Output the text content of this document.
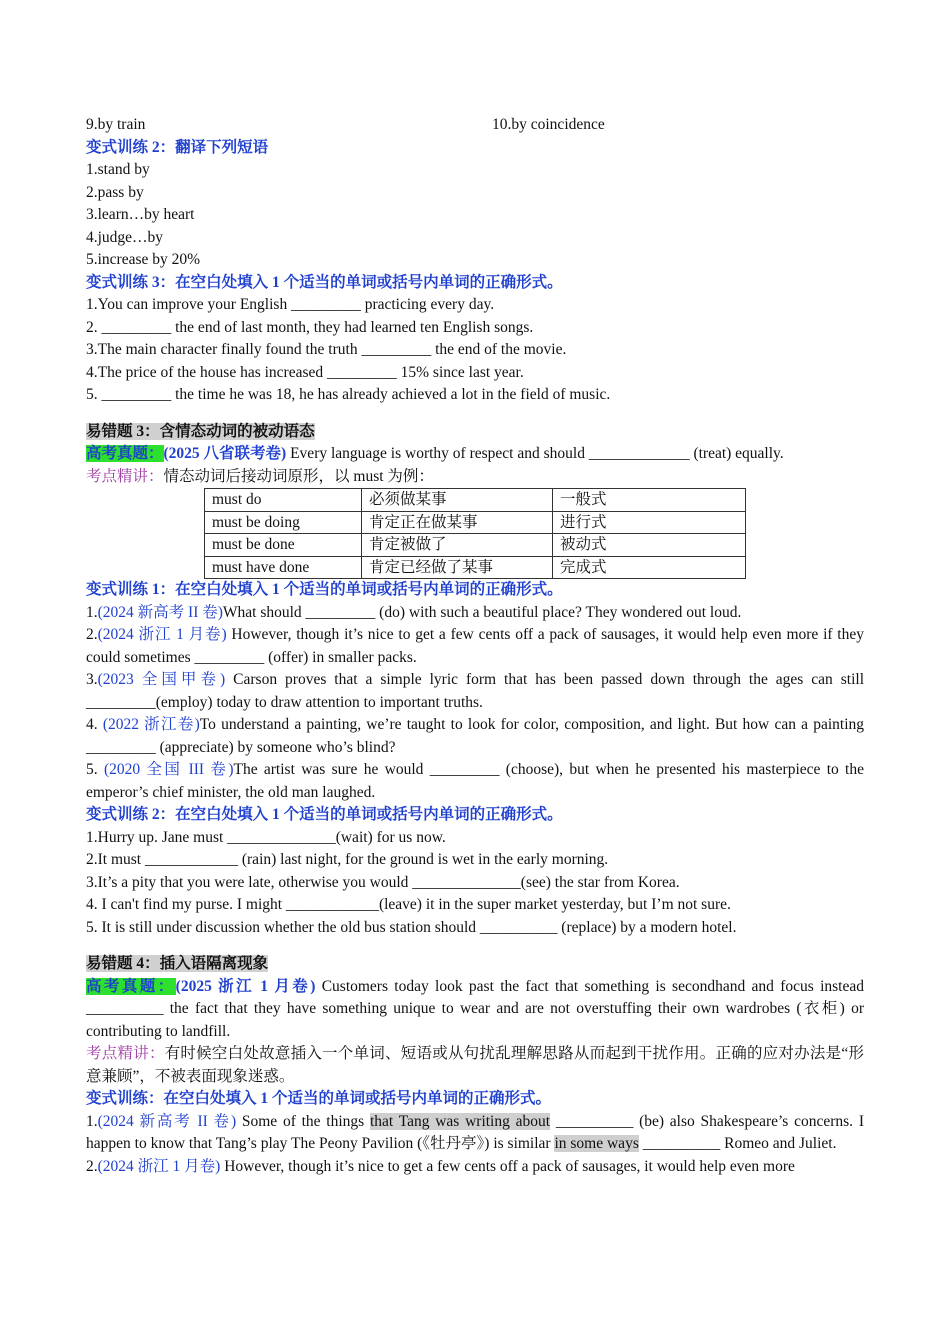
9.by train	10.by coincidence
变式训练 2：翻译下列短语
1.stand by
2.pass by
3.learn…by heart
4.judge…by
5.increase by 20%
变式训练 3：在空白处填入 1 个适当的单词或括号内单词的正确形式。
1.You can improve your English _________ practicing every day.
2. _________ the end of last month, they had learned ten English songs.
3.The main character finally found the truth _________ the end of the movie.
4.The price of the house has increased _________ 15% since last year.
5. _________ the time he was 18, he has already achieved a lot in the field of music.
易错题 3：含情态动词的被动语态
高考真题：(2025 八省联考卷) Every language is worthy of respect and should _____________ (treat) equally.
考点精讲：情态动词后接动词原形，以 must 为例：
must do	必须做某事	一般式
must be doing	肯定正在做某事	进行式
must be done	肯定被做了	被动式
must have done	肯定已经做了某事	完成式
变式训练 1：在空白处填入 1 个适当的单词或括号内单词的正确形式。
1.(2024 新高考 II 卷)What should _________ (do) with such a beautiful place? They wondered out loud.
2.(2024 浙江 1 月卷) However, though it’s nice to get a few cents off a pack of sausages, it would help even more if they could sometimes _________ (offer) in smaller packs.
3.(2023 全国甲卷) Carson proves that a simple lyric form that has been passed down through the ages can still _________(employ) today to draw attention to important truths.
4. (2022 浙江卷)To understand a painting, we’re taught to look for color, composition, and light. But how can a painting _________ (appreciate) by someone who’s blind?
5. (2020 全国 III 卷)The artist was sure he would _________ (choose), but when he presented his masterpiece to the emperor’s chief minister, the old man laughed.
变式训练 2：在空白处填入 1 个适当的单词或括号内单词的正确形式。
1.Hurry up. Jane must ______________(wait) for us now.
2.It must ____________ (rain) last night, for the ground is wet in the early morning.
3.It’s a pity that you were late, otherwise you would ______________(see) the star from Korea.
4. I can't find my purse. I might ____________(leave) it in the super market yesterday, but I’m not sure.
5. It is still under discussion whether the old bus station should __________ (replace) by a modern hotel.
易错题 4：插入语隔离现象
高考真题：(2025 浙江 1 月卷) Customers today look past the fact that something is secondhand and focus instead __________ the fact that they have something unique to wear and are not overstuffing their own wardrobes (衣柜) or contributing to landfill.
考点精讲：有时候空白处故意插入一个单词、短语或从句扰乱理解思路从而起到干扰作用。正确的应对办法是“形意兼顾”，不被表面现象迷惑。
变式训练：在空白处填入 1 个适当的单词或括号内单词的正确形式。
1.(2024 新高考 II 卷) Some of the things that Tang was writing about __________ (be) also Shakespeare’s concerns. I happen to know that Tang’s play The Peony Pavilion (《牡丹亭》) is similar in some ways __________ Romeo and Juliet.
2.(2024 浙江 1 月卷) However, though it’s nice to get a few cents off a pack of sausages, it would help even more
